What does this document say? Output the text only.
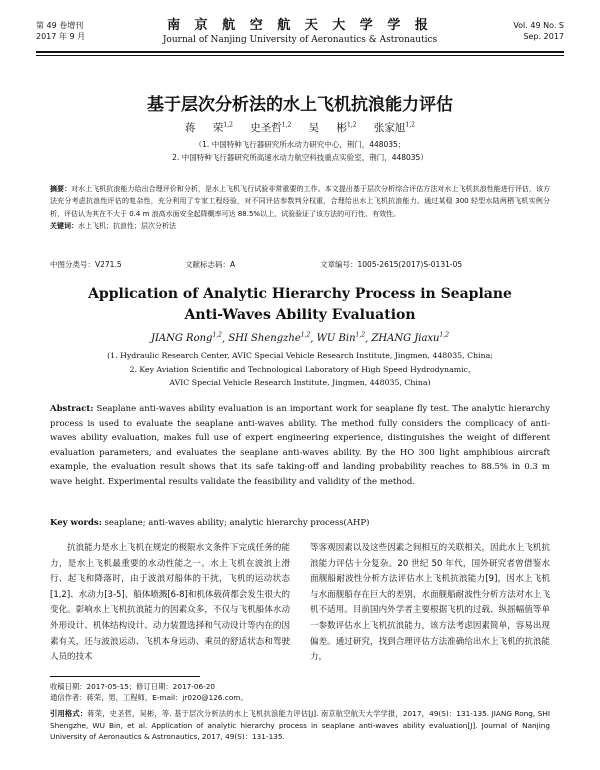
第 49 卷增刊
2017 年 9 月
南 京 航 空 航 天 大 学 学 报
Journal of Nanjing University of Aeronautics & Astronautics
Vol. 49 No. S
Sep. 2017
基于层次分析法的水上飞机抗浪能力评估
蒋 荣$^{1,2}$ 史圣哲$^{1,2}$ 吴 彬$^{1,2}$ 张家旭$^{1,2}$
（1. 中国特种飞行器研究所水动力研究中心，荆门，448035；
2. 中国特种飞行器研究所高速水动力航空科技重点实验室，荆门，448035）
摘要：对水上飞机抗浪能力给出合理评价和分析，是水上飞机飞行试验非常重要的工作。本文提出基于层次分析综合评估方法对水上飞机抗浪性能进行评估，该方法充分考虑抗浪性评估的复杂性，充分利用了专家工程经验，对不同评估参数判分权重，合理给出水上飞机抗浪能力。通过某稳 300 轻型水陆两栖飞机实例分析，评估认为其在不大于 0.4 m 浪高水面安全起降概率可达 88.5%以上，试验验证了该方法的可行性、有效性。
关键词：水上飞机；抗浪性；层次分析法
中图分类号：V271.5	文献标志码：A	文章编号：1005-2615(2017)S-0131-05
Application of Analytic Hierarchy Process in Seaplane
Anti-Waves Ability Evaluation
JIANG Rong$^{1,2}$, SHI Shengzhe$^{1,2}$, WU Bin$^{1,2}$, ZHANG Jiaxu$^{1,2}$
(1. Hydraulic Research Center, AVIC Special Vehicle Research Institute, Jingmen, 448035, China;
2. Key Aviation Scientific and Technological Laboratory of High Speed Hydrodynamic,
AVIC Special Vehicle Research Institute, Jingmen, 448035, China)
Abstract: Seaplane anti-waves ability evaluation is an important work for seaplane fly test. The analytic hierarchy process is used to evaluate the seaplane anti-waves ability. The method fully considers the complicacy of anti-waves ability evaluation, makes full use of expert engineering experience, distinguishes the weight of different evaluation parameters, and evaluates the seaplane anti-waves ability. By the HO 300 light amphibious aircraft example, the evaluation result shows that its safe taking-off and landing probability reaches to 88.5% in 0.3 m wave height. Experimental results validate the feasibility and validity of the method.
Key words: seaplane; anti-waves ability; analytic hierarchy process(AHP)
抗浪能力是水上飞机在规定的极限水文条件下完成任务的能力，是水上飞机最重要的水动性能之一。水上飞机在波浪上滑行、起飞和降落时，由于波浪对船体的干扰，飞机的运动状态[1,2]、水动力[3-5]、船体喷溅[6-8]和机体载荷都会发生很大的变化。影响水上飞机抗浪能力的因素众多，不仅与飞机船体水动外形设计、机体结构设计、动力装置选择和气动设计等内在的因素有关，还与波浪运动、飞机本身运动、乘员的舒适状态和驾驶人员的技术
等客观因素以及这些因素之间相互的关联相关，因此水上飞机抗浪能力评估十分复杂。20 世纪 50 年代，国外研究者曾借鉴水面舰船耐波性分析方法评估水上飞机抗浪能力[9]，因水上飞机与水面舰船存在巨大的差别，水面舰船耐波性分析方法对水上飞机不适用。目前国内外学者主要根据飞机的过载、纵摇幅值等单一参数评估水上飞机抗浪能力，该方法考虑因素简单，容易出现偏差。通过研究，找到合理评估方法准确给出水上飞机的抗浪能力，
收稿日期：2017-05-15；修订日期：2017-06-20
通信作者：蒋荣，男，工程师，E-mail：jr020@126.com。
引用格式：蒋荣，史圣哲，吴彬，等. 基于层次分析法的水上飞机抗浪能力评估[J]. 南京航空航天大学学报，2017，49(S)：131-135. JIANG Rong, SHI Shengzhe, WU Bin, et al. Application of analytic hierarchy process in seaplane anti-waves ability evaluation[J]. Journal of Nanjing University of Aeronautics & Astronautics, 2017, 49(S)：131-135.
